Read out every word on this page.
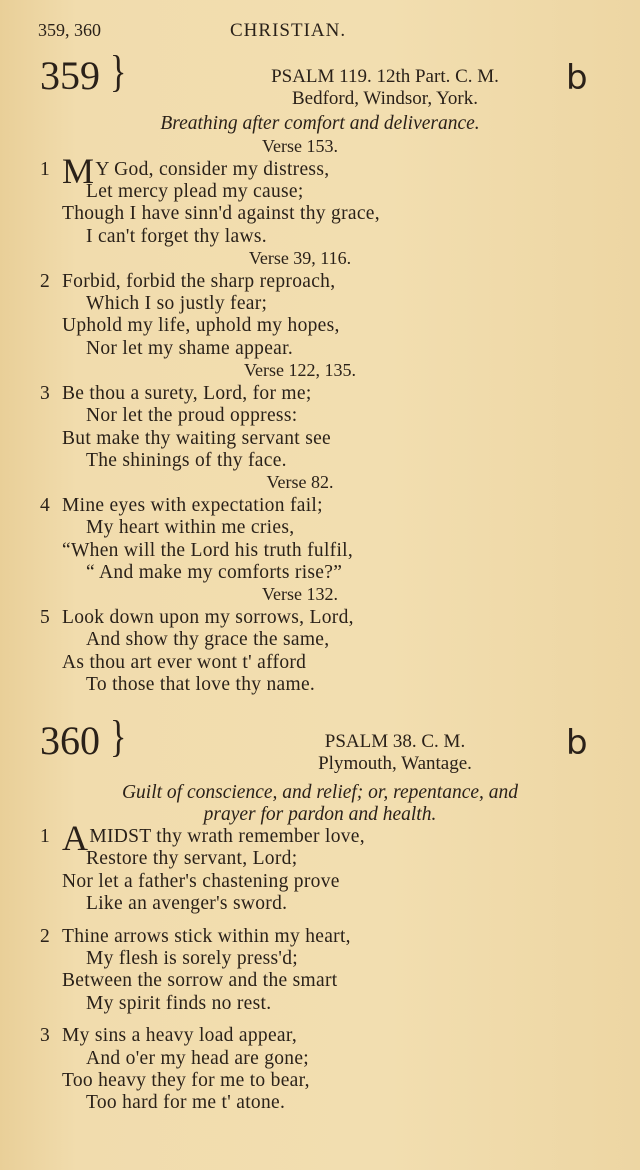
359, 360	CHRISTIAN.
359 }	PSALM 119. 12th Part. C. M.
Bedford, Windsor, York.
b
Breathing after comfort and deliverance.
Verse 153.
1 MY God, consider my distress,
Let mercy plead my cause;
Though I have sinn'd against thy grace,
I can't forget thy laws.
Verse 39, 116.
2 Forbid, forbid the sharp reproach,
Which I so justly fear;
Uphold my life, uphold my hopes,
Nor let my shame appear.
Verse 122, 135.
3 Be thou a surety, Lord, for me;
Nor let the proud oppress:
But make thy waiting servant see
The shinings of thy face.
Verse 82.
4 Mine eyes with expectation fail;
My heart within me cries,
“When will the Lord his truth fulfil,
“ And make my comforts rise?”
Verse 132.
5 Look down upon my sorrows, Lord,
And show thy grace the same,
As thou art ever wont t' afford
To those that love thy name.
360 }	PSALM 38. C. M.
Plymouth, Wantage.
b
Guilt of conscience, and relief; or, repentance, and
prayer for pardon and health.
1 AMIDST thy wrath remember love,
Restore thy servant, Lord;
Nor let a father's chastening prove
Like an avenger's sword.
2 Thine arrows stick within my heart,
My flesh is sorely press'd;
Between the sorrow and the smart
My spirit finds no rest.
3 My sins a heavy load appear,
And o'er my head are gone;
Too heavy they for me to bear,
Too hard for me t' atone.
